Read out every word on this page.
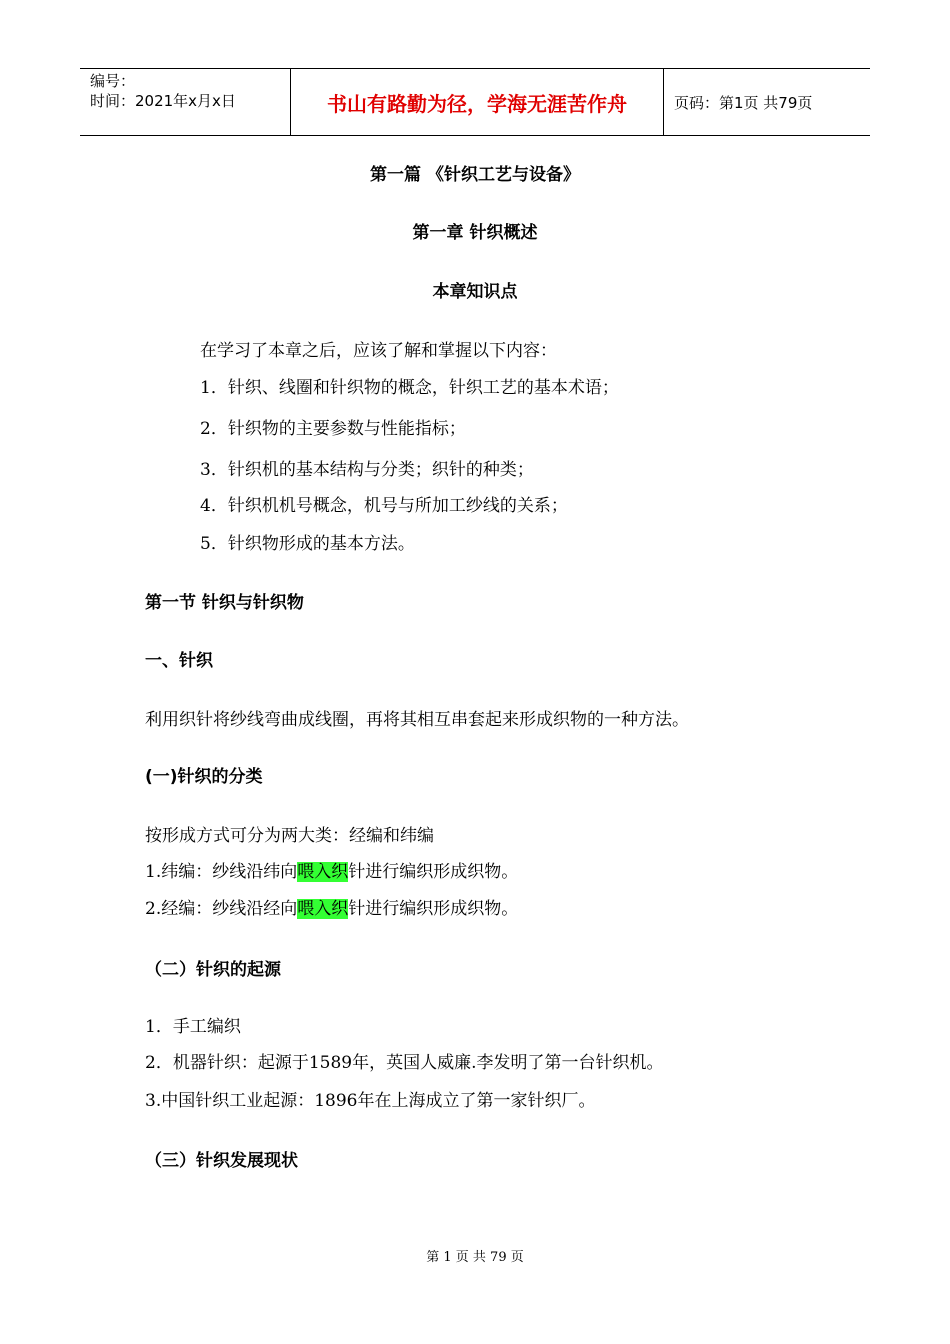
编号：
时间：2021年x月x日	书山有路勤为径，学海无涯苦作舟	页码：第1页 共79页
第一篇 《针织工艺与设备》
第一章 针织概述
本章知识点
在学习了本章之后，应该了解和掌握以下内容：
1．针织、线圈和针织物的概念，针织工艺的基本术语；
2．针织物的主要参数与性能指标；
3．针织机的基本结构与分类；织针的种类；
4．针织机机号概念，机号与所加工纱线的关系；
5．针织物形成的基本方法。
第一节 针织与针织物
一、针织
利用织针将纱线弯曲成线圈，再将其相互串套起来形成织物的一种方法。
(一)针织的分类
按形成方式可分为两大类：经编和纬编
1.纬编：纱线沿纬向喂入织针进行编织形成织物。
2.经编：纱线沿经向喂入织针进行编织形成织物。
（二）针织的起源
1．手工编织
2．机器针织：起源于1589年，英国人威廉.李发明了第一台针织机。
3.中国针织工业起源：1896年在上海成立了第一家针织厂。
（三）针织发展现状
第 1 页 共 79 页
